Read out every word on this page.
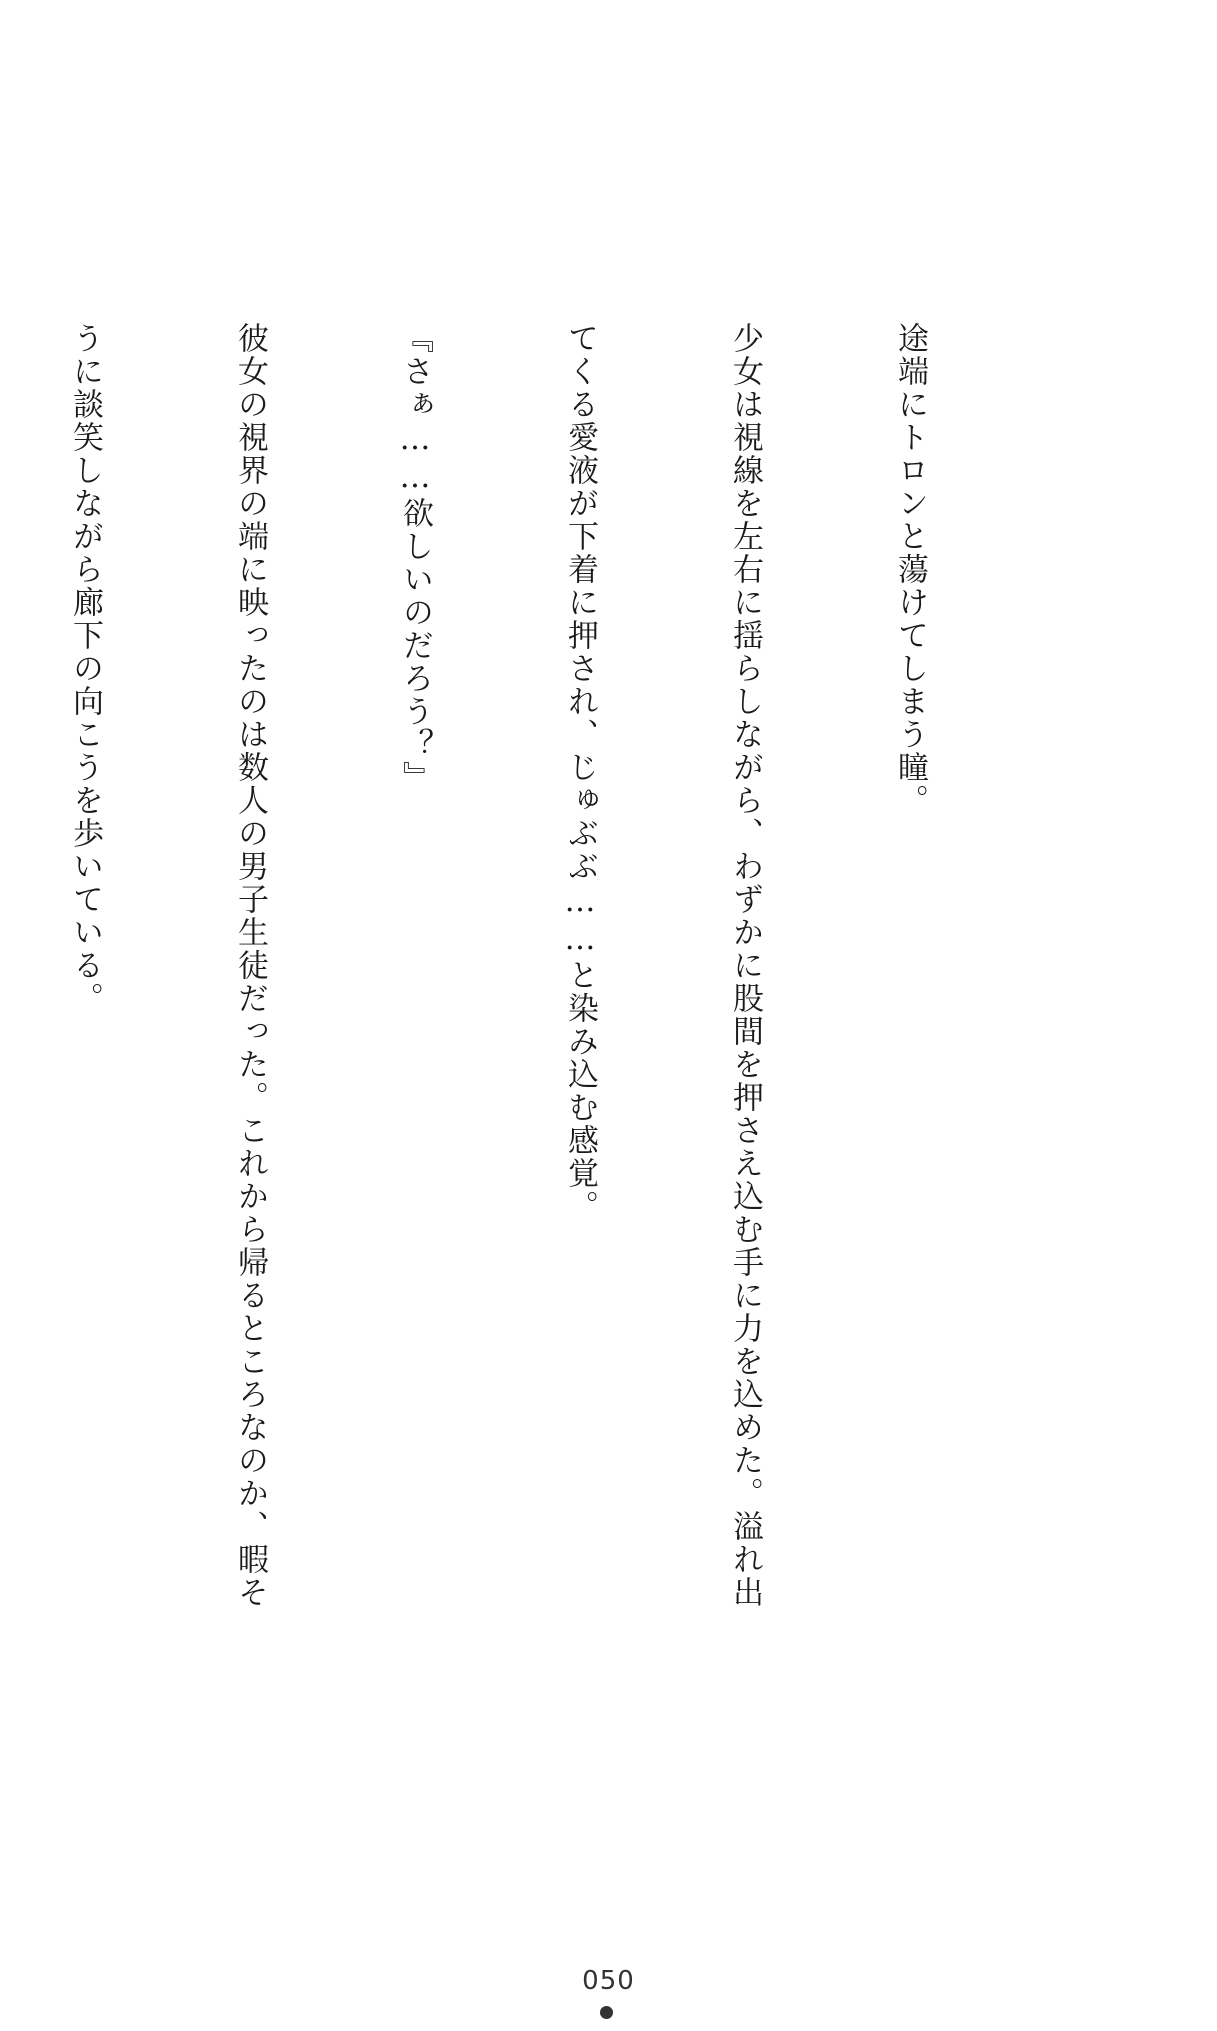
途端にトロンと蕩けてしまう瞳。

少女は視線を左右に揺らしながら、わずかに股間を押さえ込む手に力を込めた。溢れ出

てくる愛液が下着に押され、じゅぶぶ……と染み込む感覚。

『さぁ……欲しいのだろう？』

彼女の視界の端に映ったのは数人の男子生徒だった。これから帰るところなのか、暇そ

うに談笑しながら廊下の向こうを歩いている。

050
